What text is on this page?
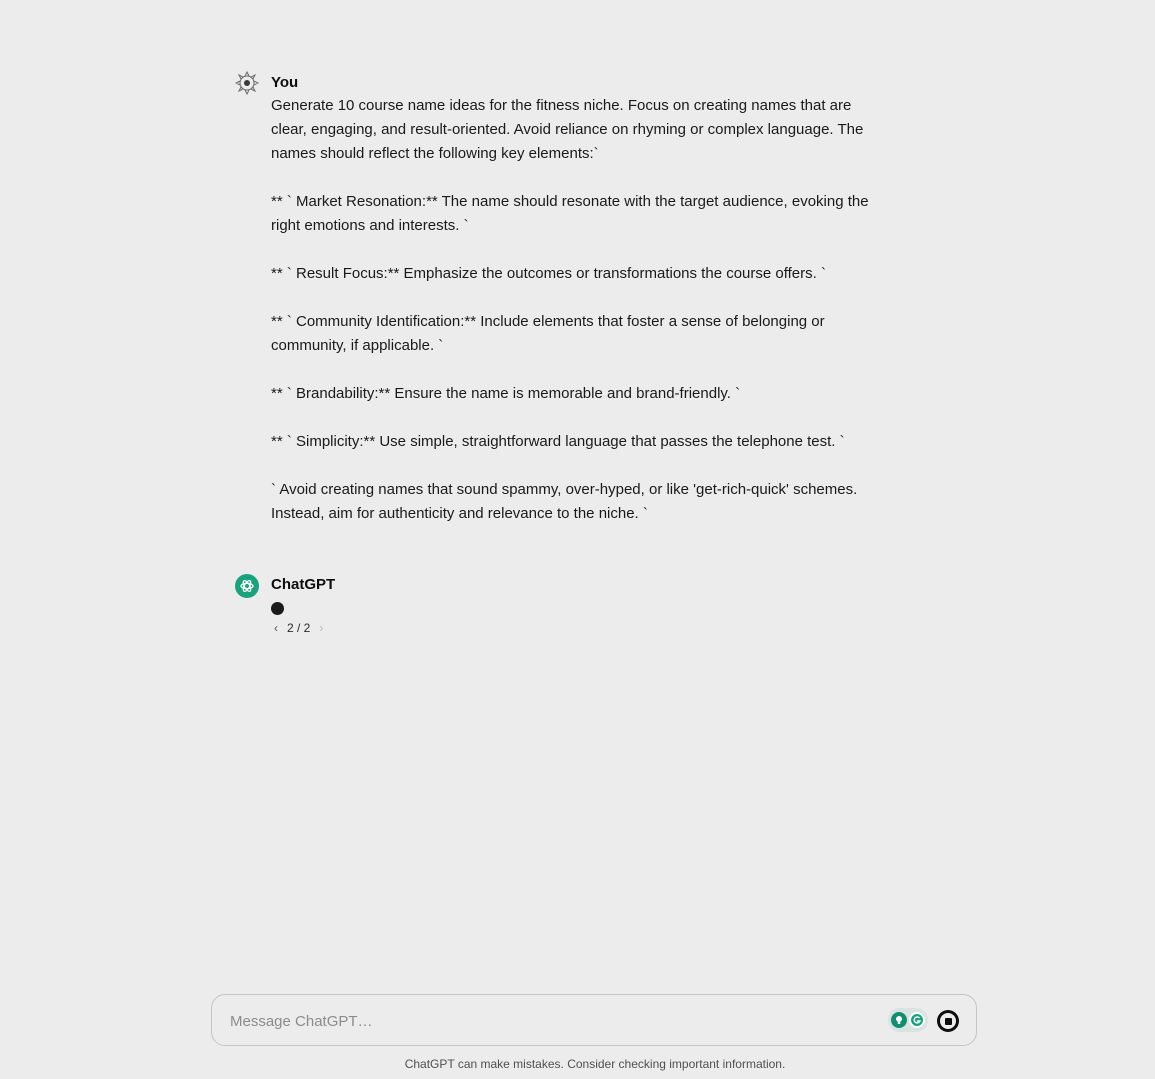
You

Generate 10 course name ideas for the fitness niche. Focus on creating names that are clear, engaging, and result-oriented. Avoid reliance on rhyming or complex language. The names should reflect the following key elements:`

** ` Market Resonation:** The name should resonate with the target audience, evoking the right emotions and interests. `

** ` Result Focus:** Emphasize the outcomes or transformations the course offers. `

** ` Community Identification:** Include elements that foster a sense of belonging or community, if applicable. `

** ` Brandability:** Ensure the name is memorable and brand-friendly. `

** ` Simplicity:** Use simple, straightforward language that passes the telephone test. `

` Avoid creating names that sound spammy, over-hyped, or like 'get-rich-quick' schemes. Instead, aim for authenticity and relevance to the niche. `

ChatGPT
‹ 2 / 2 ›
Message ChatGPT…
ChatGPT can make mistakes. Consider checking important information.
